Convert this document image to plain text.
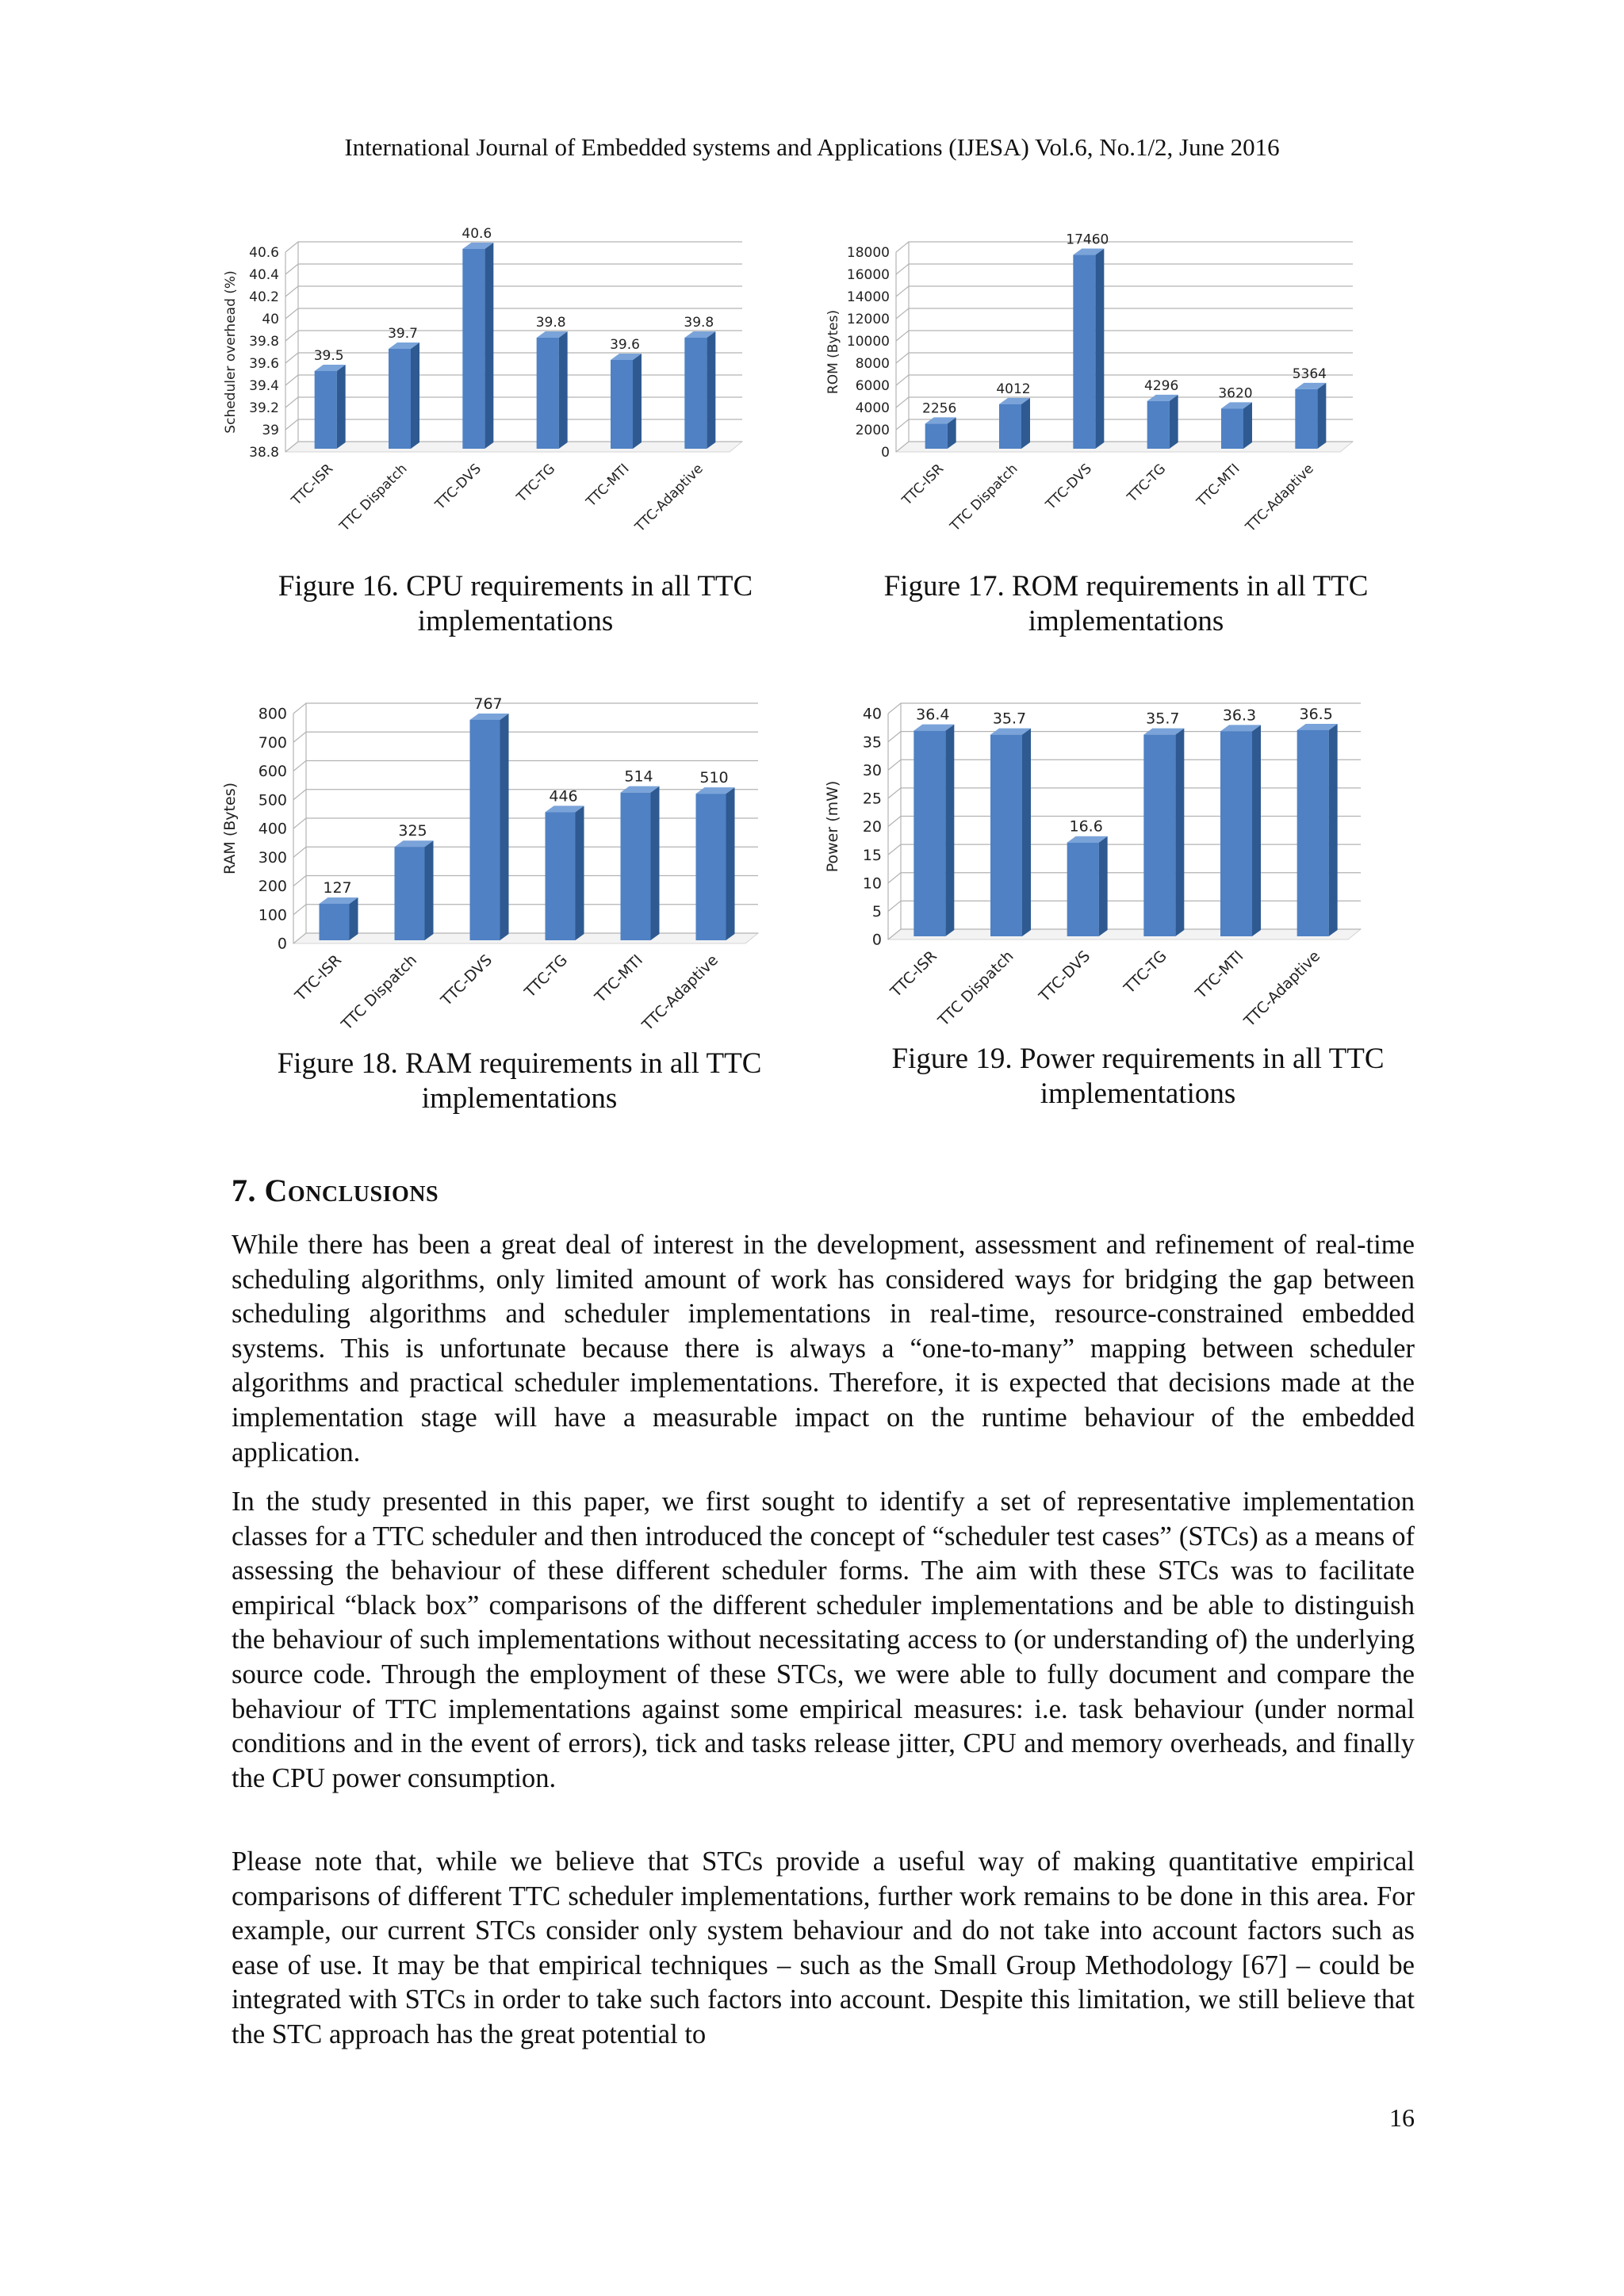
International Journal of Embedded systems and Applications (IJESA) Vol.6, No.1/2, June 2016
38.8
39
39.2
39.4
39.6
39.8
40
40.2
40.4
40.6
Scheduler overhead (%)	39.5
TTC-ISR
39.7
TTC Dispatch
40.6
TTC-DVS
39.8
TTC-TG
39.6
TTC-MTI
39.8
TTC-Adaptive
Figure 16. CPU requirements in all TTC
implementations
0
2000
4000
6000
8000
10000
12000
14000
16000
18000
ROM (Bytes)
2256
TTC-ISR
4012
TTC Dispatch
17460
TTC-DVS
4296
TTC-TG
3620
TTC-MTI
5364
TTC-Adaptive
Figure 17. ROM requirements in all TTC
implementations
0
100
200
300
400
500
600
700
800
RAM (Bytes)
127
TTC-ISR
325
TTC Dispatch
767
TTC-DVS
446
TTC-TG
514
TTC-MTI
510
TTC-Adaptive
Figure 18. RAM requirements in all TTC
implementations
0
5
10
15
20
25
30
35
40
Power (mW)
36.4
TTC-ISR
35.7
TTC Dispatch
16.6
TTC-DVS
35.7
TTC-TG
36.3
TTC-MTI
36.5
TTC-Adaptive
Figure 19. Power requirements in all TTC
implementations
7. Conclusions

While there has been a great deal of interest in the development, assessment and refinement of real-time scheduling algorithms, only limited amount of work has considered ways for bridging the gap between scheduling algorithms and scheduler implementations in real-time, resource-constrained embedded systems. This is unfortunate because there is always a “one-to-many” mapping between scheduler algorithms and practical scheduler implementations. Therefore, it is expected that decisions made at the implementation stage will have a measurable impact on the runtime behaviour of the embedded application.

In the study presented in this paper, we first sought to identify a set of representative implementation classes for a TTC scheduler and then introduced the concept of “scheduler test cases” (STCs) as a means of assessing the behaviour of these different scheduler forms. The aim with these STCs was to facilitate empirical “black box” comparisons of the different scheduler implementations and be able to distinguish the behaviour of such implementations without necessitating access to (or understanding of) the underlying source code. Through the employment of these STCs, we were able to fully document and compare the behaviour of TTC implementations against some empirical measures: i.e. task behaviour (under normal conditions and in the event of errors), tick and tasks release jitter, CPU and memory overheads, and finally the CPU power consumption.

Please note that, while we believe that STCs provide a useful way of making quantitative empirical comparisons of different TTC scheduler implementations, further work remains to be done in this area. For example, our current STCs consider only system behaviour and do not take into account factors such as ease of use. It may be that empirical techniques – such as the Small Group Methodology [67] – could be integrated with STCs in order to take such factors into account. Despite this limitation, we still believe that the STC approach has the great potential to

16
